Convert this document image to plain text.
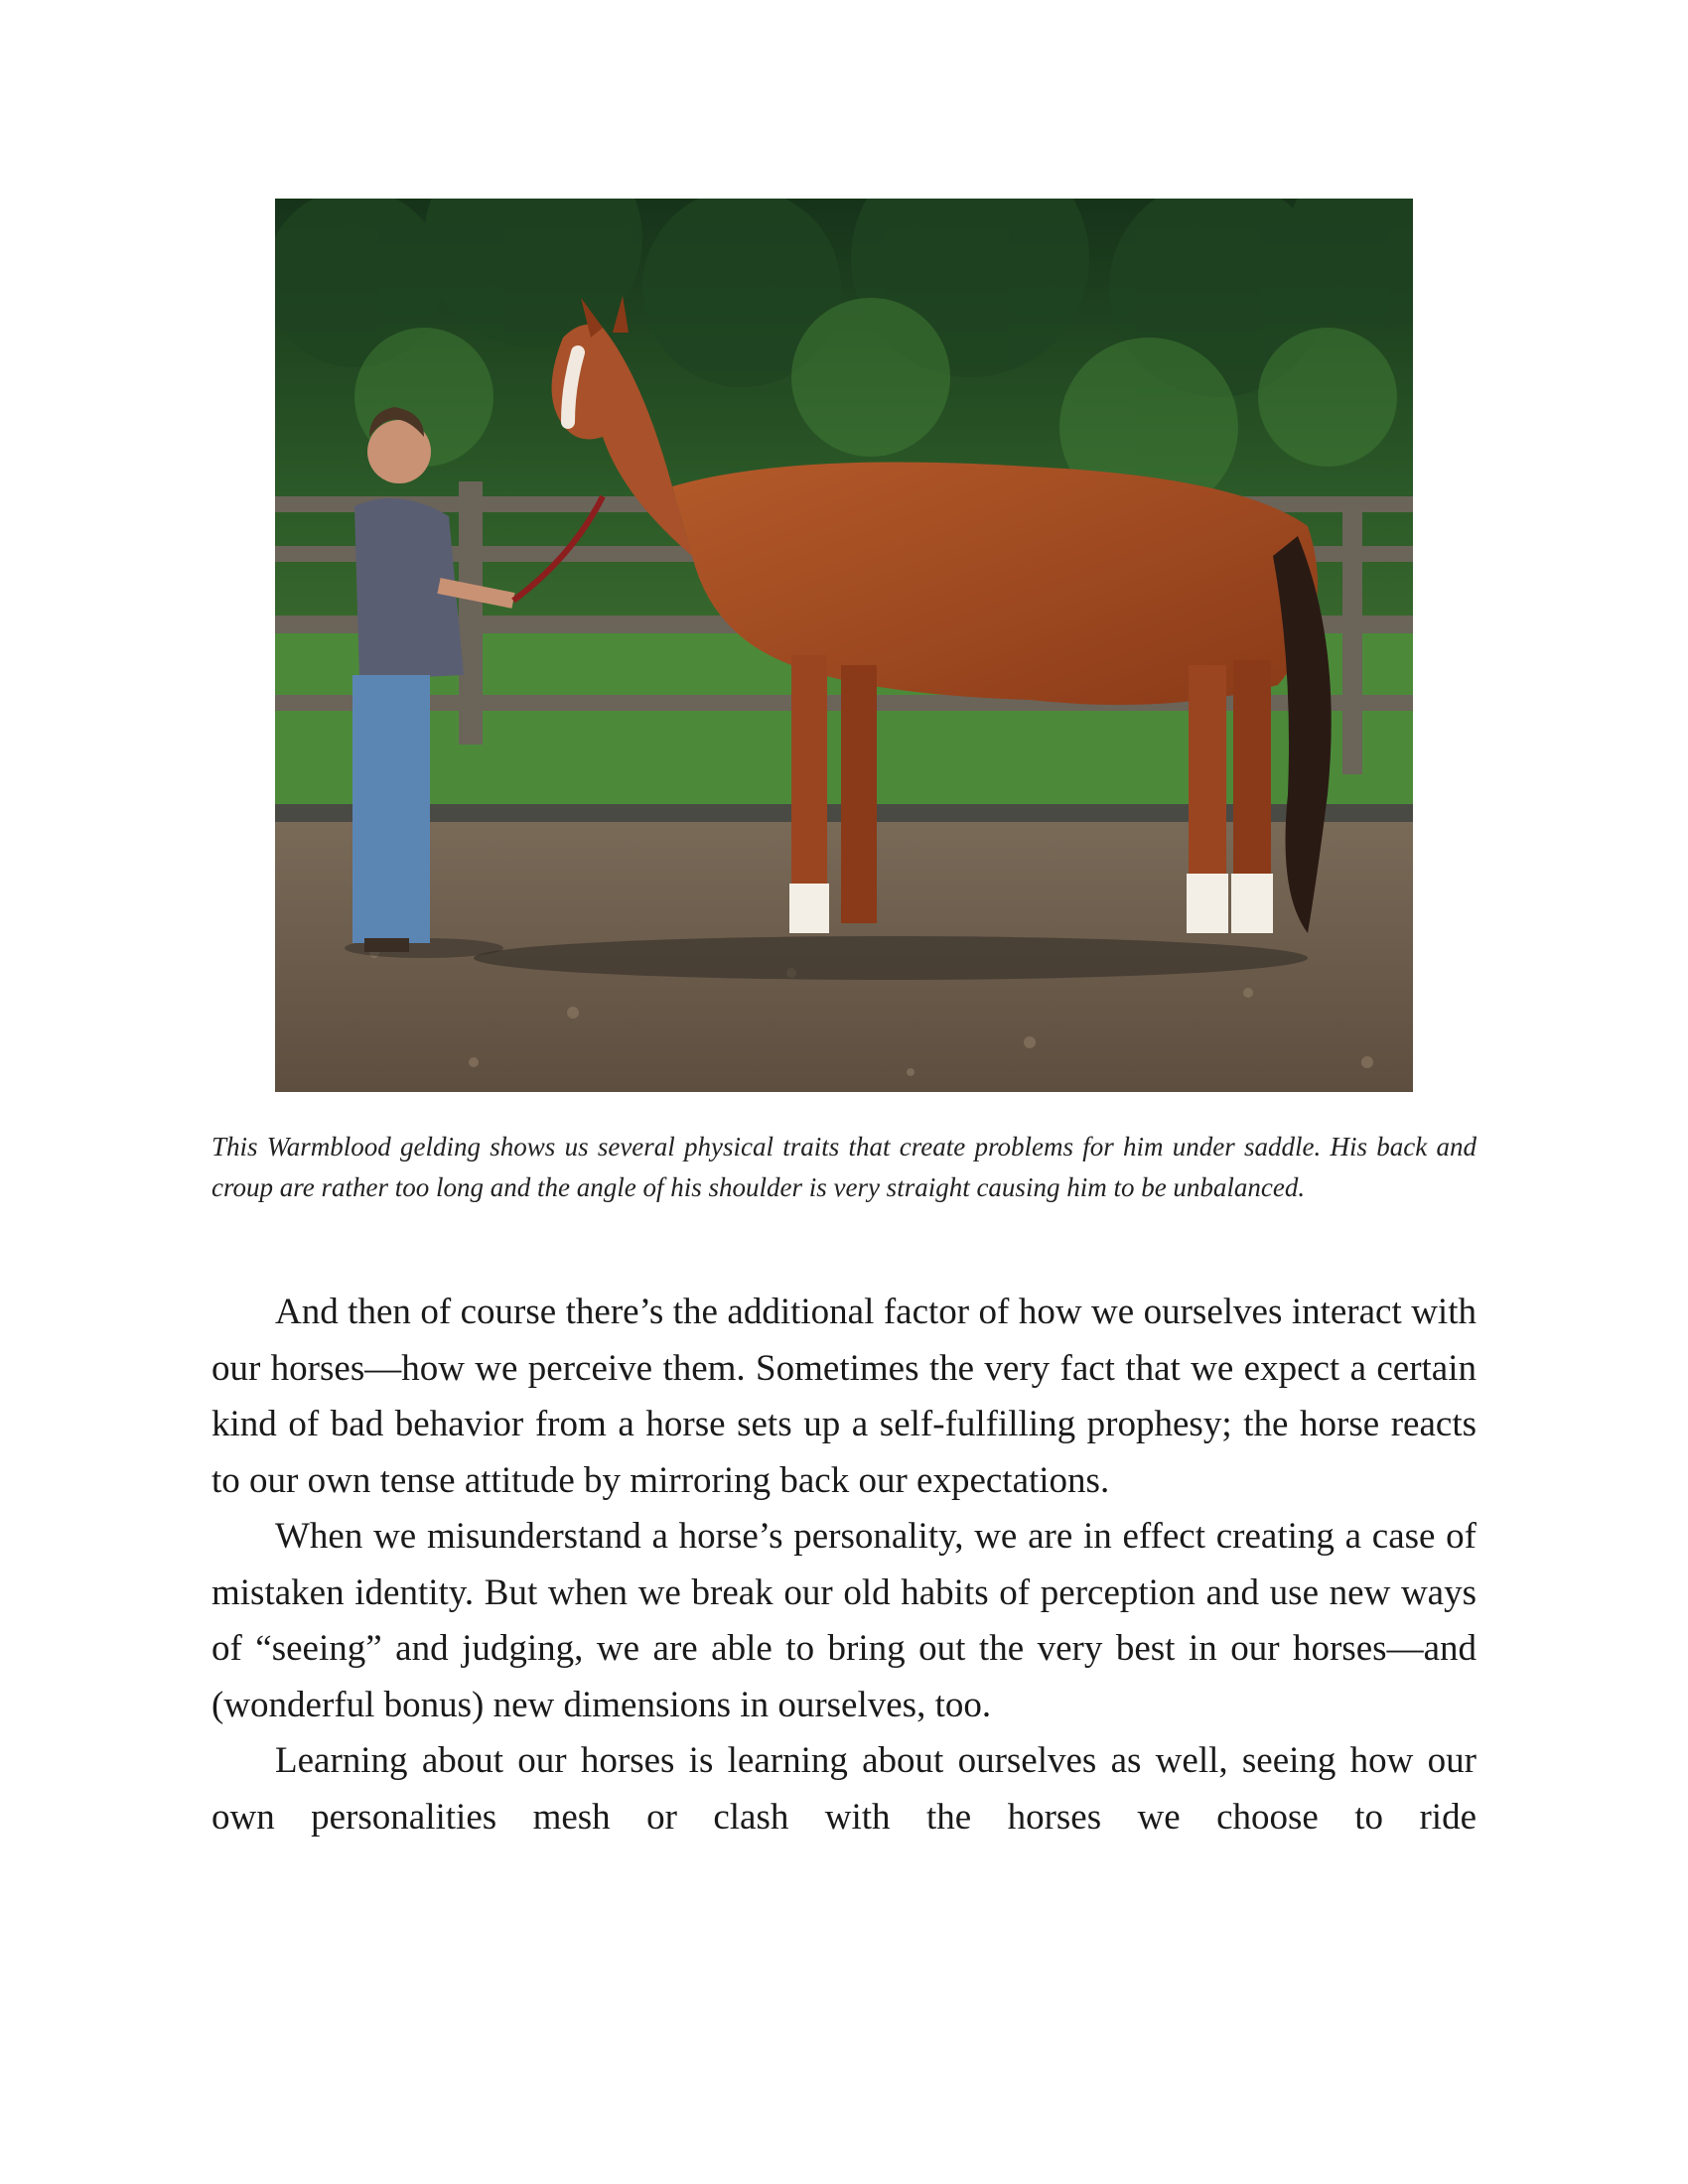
This Warmblood gelding shows us several physical traits that create problems for him under saddle. His back and croup are rather too long and the angle of his shoulder is very straight causing him to be unbalanced.

And then of course there’s the additional factor of how we ourselves interact with our horses—how we perceive them. Sometimes the very fact that we expect a certain kind of bad behavior from a horse sets up a self-fulfilling prophesy; the horse reacts to our own tense attitude by mirroring back our expectations.

When we misunderstand a horse’s personality, we are in effect creating a case of mistaken identity. But when we break our old habits of perception and use new ways of “seeing” and judging, we are able to bring out the very best in our horses—and (wonderful bonus) new dimensions in ourselves, too.

Learning about our horses is learning about ourselves as well, seeing how our own personalities mesh or clash with the horses we choose to ride
